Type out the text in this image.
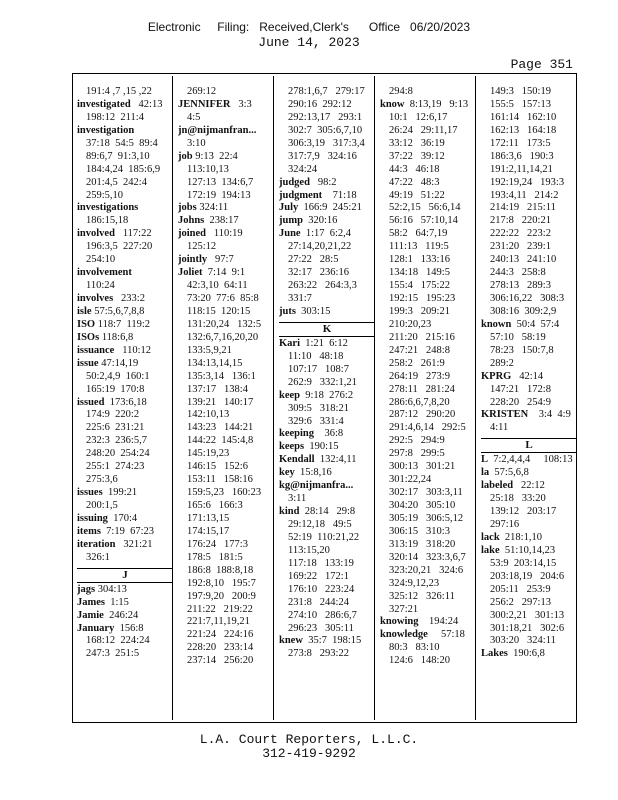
Electronic     Filing:   Received,Clerk's      Office   06/20/2023
June 14, 2023
Page 351
191:4 ,7 ,15 ,22
investigated   42:13
198:12  211:4
investigation
37:18  54:5  89:4
89:6,7  91:3,10
184:4,24  185:6,9
201:4,5  242:4
259:5,10
investigations
186:15,18
involved   117:22
196:3,5  227:20
254:10
involvement
110:24
involves   233:2
isle 57:5,6,7,8,8
ISO 118:7  119:2
ISOs 118:6,8
issuance   110:12
issue 47:14,19
50:2,4,9  160:1
165:19  170:8
issued  173:6,18
174:9  220:2
225:6  231:21
232:3  236:5,7
248:20  254:24
255:1  274:23
275:3,6
issues  199:21
200:1,5
issuing  170:4
items  7:19  67:23
iteration   321:21
326:1
J
jags 304:13
James  1:15
Jamie  246:24
January  156:8
168:12  224:24
247:3  251:5
269:12
JENNIFER   3:3
4:5
jn@nijmanfran...
3:10
job 9:13  22:4
113:10,13
127:13  134:6,7
172:19  194:13
jobs 324:11
Johns  238:17
joined   110:19
125:12
jointly   97:7
Joliet  7:14  9:1
42:3,10  64:11
73:20  77:6  85:8
118:15  120:15
131:20,24   132:5
132:6,7,16,20,20
133:5,9,21
134:13,14,15
135:3,14   136:1
137:17   138:4
139:21   140:17
142:10,13
143:23   144:21
144:22  145:4,8
145:19,23
146:15   152:6
153:11   158:16
159:5,23   160:23
165:6   166:3
171:13,15
174:15,17
176:24   177:3
178:5   181:5
186:8  188:8,18
192:8,10   195:7
197:9,20   200:9
211:22   219:22
221:7,11,19,21
221:24   224:16
228:20   233:14
237:14   256:20
278:1,6,7   279:17
290:16  292:12
292:13,17   293:1
302:7  305:6,7,10
306:3,19   317:3,4
317:7,9   324:16
324:24
judged   98:2
judgment    71:18
July  166:9  245:21
jump  320:16
June  1:17  6:2,4
27:14,20,21,22
27:22   28:5
32:17   236:16
263:22   264:3,3
331:7
juts  303:15
K
Kari  1:21  6:12
11:10   48:18
107:17   108:7
262:9   332:1,21
keep  9:18  276:2
309:5   318:21
329:6   331:4
keeping    36:8
keeps  190:15
Kendall  132:4,11
key  15:8,16
kg@nijmanfra...
3:11
kind  28:14   29:8
29:12,18   49:5
52:19  110:21,22
113:15,20
117:18   133:19
169:22   172:1
176:10   223:24
231:8   244:24
274:10   286:6,7
296:23   305:11
knew  35:7  198:15
273:8   293:22
294:8
know  8:13,19   9:13
10:1   12:6,17
26:24   29:11,17
33:12   36:19
37:22   39:12
44:3   46:18
47:22   48:3
49:19   51:22
52:2,15   56:6,14
56:16   57:10,14
58:2   64:7,19
111:13   119:5
128:1   133:16
134:18   149:5
155:4   175:22
192:15   195:23
199:3   209:21
210:20,23
211:20   215:16
247:21   248:8
258:2   261:9
264:19   273:9
278:11   281:24
286:6,6,7,8,20
287:12   290:20
291:4,6,14   292:5
292:5   294:9
297:8   299:5
300:13   301:21
301:22,24
302:17   303:3,11
304:20   305:10
305:19   306:5,12
306:15   310:3
313:19   318:20
320:14   323:3,6,7
323:20,21   324:6
324:9,12,23
325:12   326:11
327:21
knowing    194:24
knowledge     57:18
80:3   83:10
124:6   148:20
149:3   150:19
155:5   157:13
161:14   162:10
162:13   164:18
172:11   173:5
186:3,6   190:3
191:2,11,14,21
192:19,24   193:3
193:4,11   214:2
214:19   215:11
217:8   220:21
222:22   223:2
231:20   239:1
240:13   241:10
244:3   258:8
278:13   289:3
306:16,22   308:3
308:16  309:2,9
known  50:4  57:4
57:10   58:19
78:23   150:7,8
289:2
KPRG   42:14
147:21   172:8
228:20   254:9
KRISTEN    3:4  4:9
4:11
L
L  7:2,4,4,4     108:13
la  57:5,6,8
labeled   22:12
25:18   33:20
139:12   203:17
297:16
lack  218:1,10
lake  51:10,14,23
53:9  203:14,15
203:18,19   204:6
205:11   253:9
256:2   297:13
300:2,21   301:13
301:18,21   302:6
303:20   324:11
Lakes  190:6,8
L.A. Court Reporters, L.L.C.
312-419-9292
